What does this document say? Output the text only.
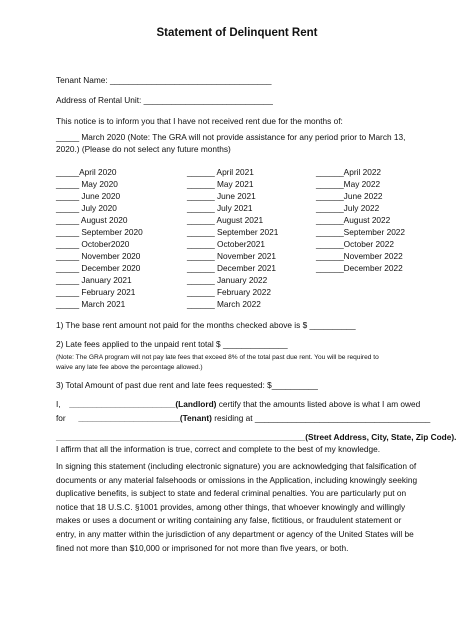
Statement of Delinquent Rent
Tenant Name: ___________________________________
Address of Rental Unit: ____________________________
This notice is to inform you that I have not received rent due for the months of:
_____ March 2020 (Note: The GRA will not provide assistance for any period prior to March 13,
2020.) (Please do not select any future months)
_____April 2020
_____ May 2020
_____ June 2020
_____ July 2020
_____ August 2020
_____ September 2020
_____ October2020
_____ November 2020
_____ December 2020
_____ January 2021
_____ February 2021
_____ March 2021
______ April 2021
______ May 2021
______ June 2021
______ July 2021
______ August 2021
______ September 2021
______ October2021
______ November 2021
______ December 2021
______ January 2022
______ February 2022
______ March 2022
______April 2022
______May 2022
______June 2022
______July 2022
______August 2022
______September 2022
______October 2022
______November 2022
______December 2022
1) The base rent amount not paid for the months checked above is $ __________
2) Late fees applied to the unpaid rent total $ ______________
(Note: The GRA program will not pay late fees that exceed 8% of the total past due rent. You will be required to
waive any late fee above the percentage allowed.)
3) Total Amount of past due rent and late fees requested: $__________
I, _______________________(Landlord) certify that the amounts listed above is what I am owed
for ______________________(Tenant) residing at ______________________________________
______________________________________________________(Street Address, City, State, Zip Code).
I affirm that all the information is true, correct and complete to the best of my knowledge.
In signing this statement (including electronic signature) you are acknowledging that falsification of documents or any material falsehoods or omissions in the Application, including knowingly seeking duplicative benefits, is subject to state and federal criminal penalties. You are particularly put on notice that 18 U.S.C. §1001 provides, among other things, that whoever knowingly and willingly makes or uses a document or writing containing any false, fictitious, or fraudulent statement or entry, in any matter within the jurisdiction of any department or agency of the United States will be fined not more than $10,000 or imprisoned for not more than five years, or both.
